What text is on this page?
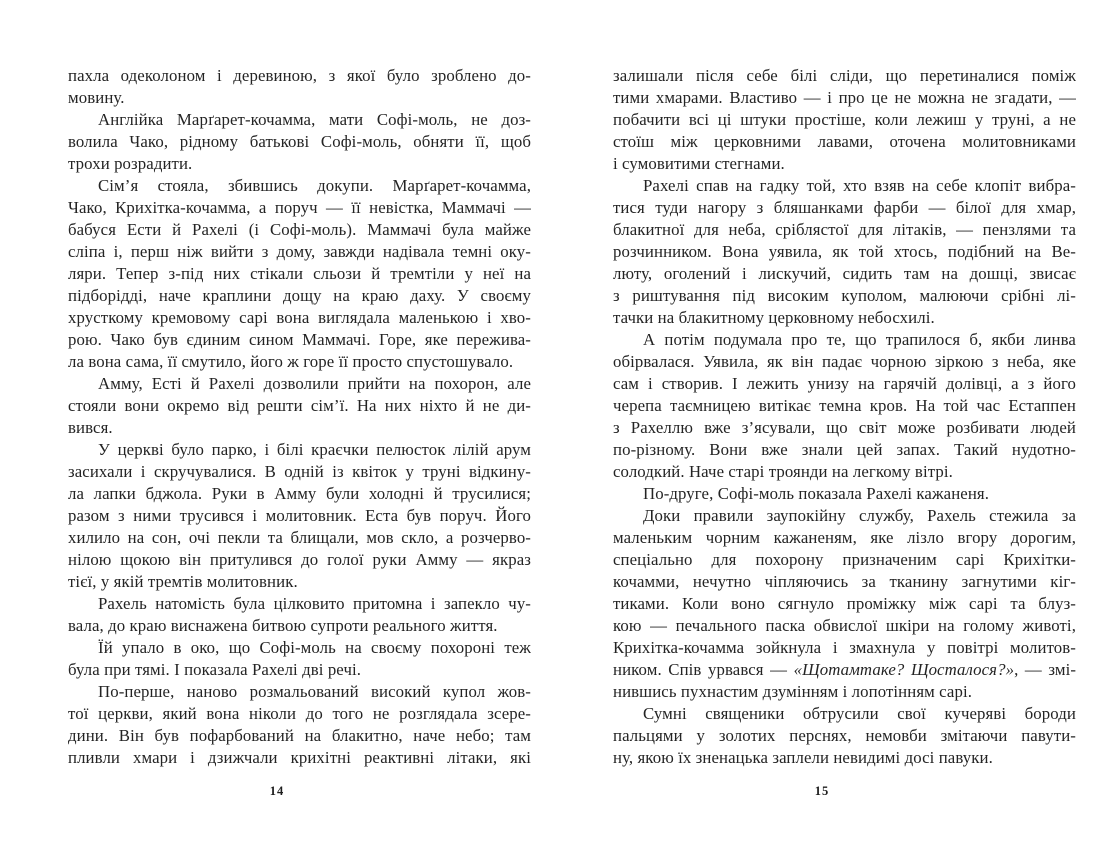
пахла одеколоном і деревиною, з якої було зроблено до-
мовину.
Англійка Марґарет-кочамма, мати Софі-моль, не доз-
волила Чако, рідному батькові Софі-моль, обняти її, щоб
трохи розрадити.
Сім’я стояла, збившись докупи. Марґарет-кочамма,
Чако, Крихітка-кочамма, а поруч — її невістка, Маммачі —
бабуся Ести й Рахелі (і Софі-моль). Маммачі була майже
сліпа і, перш ніж вийти з дому, завжди надівала темні оку-
ляри. Тепер з-під них стікали сльози й тремтіли у неї на
підборідді, наче краплини дощу на краю даху. У своєму
хрусткому кремовому сарі вона виглядала маленькою і хво-
рою. Чако був єдиним сином Маммачі. Горе, яке пережива-
ла вона сама, її смутило, його ж горе її просто спустошувало.
Амму, Есті й Рахелі дозволили прийти на похорон, але
стояли вони окремо від решти сім’ї. На них ніхто й не ди-
вився.
У церкві було парко, і білі краєчки пелюсток лілій арум
засихали і скручувалися. В одній із квіток у труні відкину-
ла лапки бджола. Руки в Амму були холодні й трусилися;
разом з ними трусився і молитовник. Еста був поруч. Його
хилило на сон, очі пекли та блищали, мов скло, а розчерво-
нілою щокою він притулився до голої руки Амму — якраз
тієї, у якій тремтів молитовник.
Рахель натомість була цілковито притомна і запекло чу-
вала, до краю виснажена битвою супроти реального життя.
Їй упало в око, що Софі-моль на своєму похороні теж
була при тямі. І показала Рахелі дві речі.
По-перше, наново розмальований високий купол жов-
тої церкви, який вона ніколи до того не розглядала зсере-
дини. Він був пофарбований на блакитно, наче небо; там
пливли хмари і дзижчали крихітні реактивні літаки, які
залишали після себе білі сліди, що перетиналися поміж
тими хмарами. Властиво — і про це не можна не згадати, —
побачити всі ці штуки простіше, коли лежиш у труні, а не
стоїш між церковними лавами, оточена молитовниками
і сумовитими стегнами.
Рахелі спав на гадку той, хто взяв на себе клопіт вибра-
тися туди нагору з бляшанками фарби — білої для хмар,
блакитної для неба, сріблястої для літаків, — пензлями та
розчинником. Вона уявила, як той хтось, подібний на Ве-
люту, оголений і лискучий, сидить там на дошці, звисає
з риштування під високим куполом, малюючи срібні лі-
тачки на блакитному церковному небосхилі.
А потім подумала про те, що трапилося б, якби линва
обірвалася. Уявила, як він падає чорною зіркою з неба, яке
сам і створив. І лежить унизу на гарячій долівці, а з його
черепа таємницею витікає темна кров. На той час Естаппен
з Рахеллю вже з’ясували, що світ може розбивати людей
по-різному. Вони вже знали цей запах. Такий нудотно-
солодкий. Наче старі троянди на легкому вітрі.
По-друге, Софі-моль показала Рахелі кажаненя.
Доки правили заупокійну службу, Рахель стежила за
маленьким чорним кажаненям, яке лізло вгору дорогим,
спеціально для похорону призначеним сарі Крихітки-
кочамми, нечутно чіпляючись за тканину загнутими кіг-
тиками. Коли воно сягнуло проміжку між сарі та блуз-
кою — печального паска обвислої шкіри на голому животі,
Крихітка-кочамма зойкнула і змахнула у повітрі молитов-
ником. Спів урвався — «Щотамтаке? Щосталося?», — змі-
нившись пухнастим дзумінням і лопотінням сарі.
Сумні священики обтрусили свої кучеряві бороди
пальцями у золотих перснях, немовби змітаючи павути-
ну, якою їх зненацька заплели невидимі досі павуки.
14	15
